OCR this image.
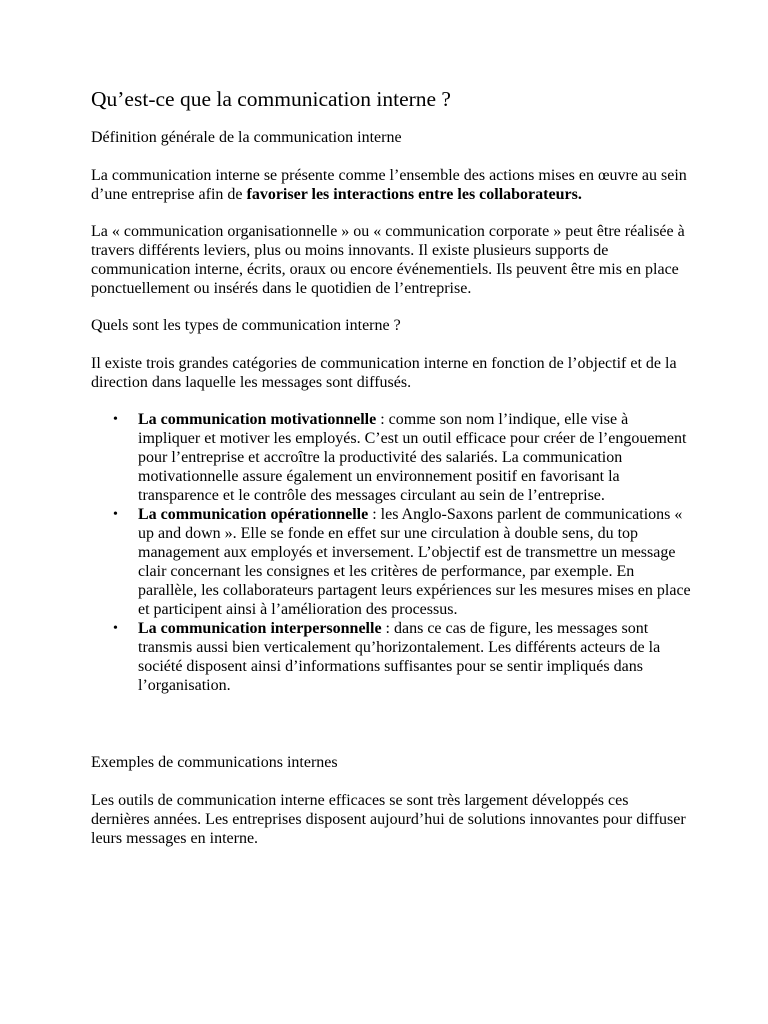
Qu’est-ce que la communication interne ?

Définition générale de la communication interne

La communication interne se présente comme l’ensemble des actions mises en œuvre au sein d’une entreprise afin de favoriser les interactions entre les collaborateurs.

La « communication organisationnelle » ou « communication corporate » peut être réalisée à travers différents leviers, plus ou moins innovants. Il existe plusieurs supports de communication interne, écrits, oraux ou encore événementiels. Ils peuvent être mis en place ponctuellement ou insérés dans le quotidien de l’entreprise.

Quels sont les types de communication interne ?

Il existe trois grandes catégories de communication interne en fonction de l’objectif et de la direction dans laquelle les messages sont diffusés.

• La communication motivationnelle : comme son nom l’indique, elle vise à impliquer et motiver les employés. C’est un outil efficace pour créer de l’engouement pour l’entreprise et accroître la productivité des salariés. La communication motivationnelle assure également un environnement positif en favorisant la transparence et le contrôle des messages circulant au sein de l’entreprise.
• La communication opérationnelle : les Anglo-Saxons parlent de communications « up and down ». Elle se fonde en effet sur une circulation à double sens, du top management aux employés et inversement. L’objectif est de transmettre un message clair concernant les consignes et les critères de performance, par exemple. En parallèle, les collaborateurs partagent leurs expériences sur les mesures mises en place et participent ainsi à l’amélioration des processus.
• La communication interpersonnelle : dans ce cas de figure, les messages sont transmis aussi bien verticalement qu’horizontalement. Les différents acteurs de la société disposent ainsi d’informations suffisantes pour se sentir impliqués dans l’organisation.

Exemples de communications internes

Les outils de communication interne efficaces se sont très largement développés ces dernières années. Les entreprises disposent aujourd’hui de solutions innovantes pour diffuser leurs messages en interne.
